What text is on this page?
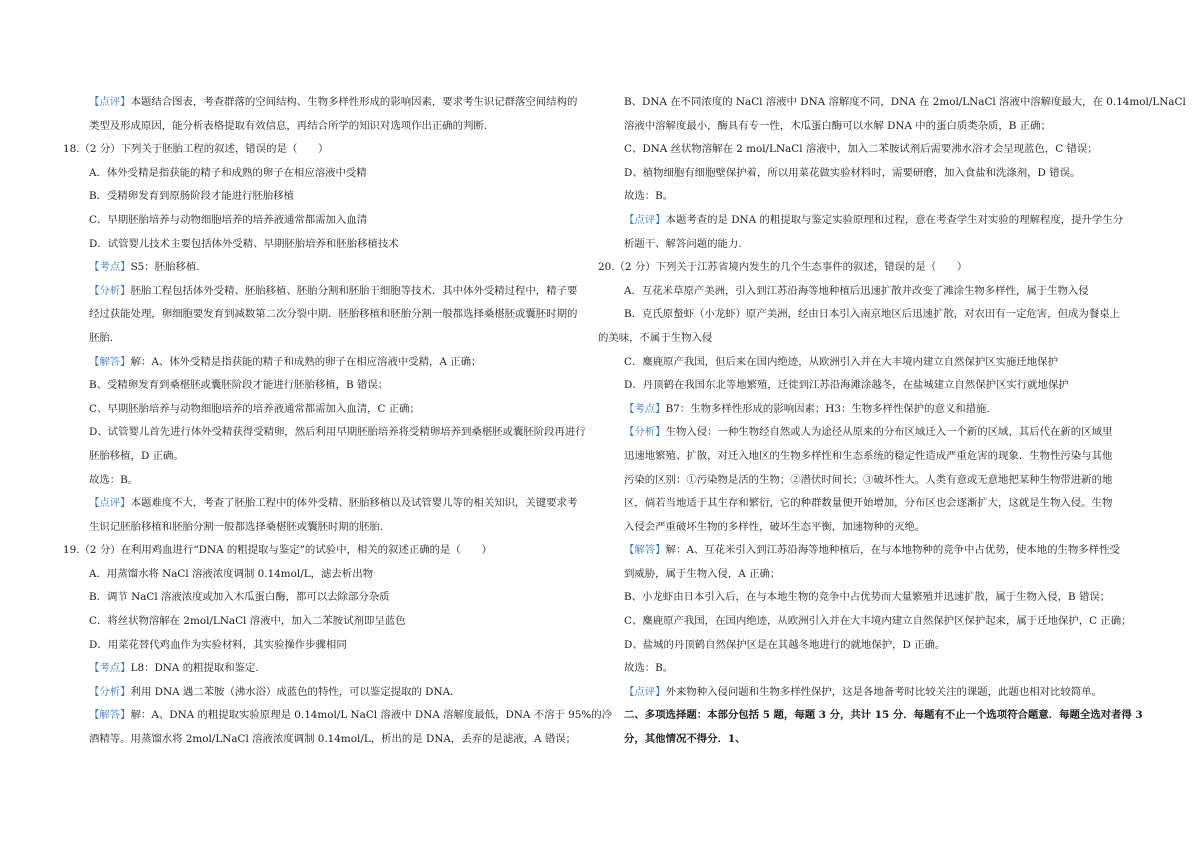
【点评】本题结合图表，考查群落的空间结构、生物多样性形成的影响因素，要求考生识记群落空间结构的
类型及形成原因，能分析表格提取有效信息，再结合所学的知识对选项作出正确的判断.
18.（2 分）下列关于胚胎工程的叙述，错误的是（　　）
A．体外受精是指获能的精子和成熟的卵子在相应溶液中受精
B．受精卵发育到原肠阶段才能进行胚胎移植
C．早期胚胎培养与动物细胞培养的培养液通常都需加入血清
D．试管婴儿技术主要包括体外受精、早期胚胎培养和胚胎移植技术
【考点】S5：胚胎移植.
【分析】胚胎工程包括体外受精、胚胎移植、胚胎分割和胚胎干细胞等技术．其中体外受精过程中，精子要
经过获能处理，卵细胞要发育到减数第二次分裂中期．胚胎移植和胚胎分割一般都选择桑椹胚或囊胚时期的
胚胎.
【解答】解：A、体外受精是指获能的精子和成熟的卵子在相应溶液中受精，A 正确；
B、受精卵发育到桑椹胚或囊胚阶段才能进行胚胎移植，B 错误；
C、早期胚胎培养与动物细胞培养的培养液通常都需加入血清，C 正确；
D、试管婴儿首先进行体外受精获得受精卵，然后利用早期胚胎培养将受精卵培养到桑椹胚或囊胚阶段再进行
胚胎移植，D 正确。
故选：B。
【点评】本题难度不大，考查了胚胎工程中的体外受精、胚胎移植以及试管婴儿等的相关知识，关键要求考
生识记胚胎移植和胚胎分割一般都选择桑椹胚或囊胚时期的胚胎.
19.（2 分）在利用鸡血进行“DNA 的粗提取与鉴定”的试验中，相关的叙述正确的是（　　）
A．用蒸馏水将 NaCl 溶液浓度调制 0.14mol/L，滤去析出物
B．调节 NaCl 溶液浓度或加入木瓜蛋白酶，都可以去除部分杂质
C．将丝状物溶解在 2mol/LNaCl 溶液中，加入二苯胺试剂即呈蓝色
D．用菜花替代鸡血作为实验材料，其实验操作步骤相同
【考点】L8：DNA 的粗提取和鉴定.
【分析】利用 DNA 遇二苯胺（沸水浴）成蓝色的特性，可以鉴定提取的 DNA．
【解答】解：A、DNA 的粗提取实验原理是 0.14mol/L NaCl 溶液中 DNA 溶解度最低，DNA 不溶于 95%的冷
酒精等。用蒸馏水将 2mol/LNaCl 溶液浓度调制 0.14mol/L，析出的是 DNA，丢弃的是滤液，A 错误；
B、DNA 在不同浓度的 NaCl 溶液中 DNA 溶解度不同，DNA 在 2mol/LNaCl 溶液中溶解度最大，在 0.14mol/LNaCl
溶液中溶解度最小，酶具有专一性，木瓜蛋白酶可以水解 DNA 中的蛋白质类杂质，B 正确；
C、DNA 丝状物溶解在 2 mol/LNaCl 溶液中，加入二苯胺试剂后需要沸水浴才会呈现蓝色，C 错误；
D、植物细胞有细胞壁保护着，所以用菜花做实验材料时，需要研磨，加入食盐和洗涤剂，D 错误。
故选：B。
【点评】本题考查的是 DNA 的粗提取与鉴定实验原理和过程，意在考查学生对实验的理解程度，提升学生分
析题干、解答问题的能力.
20.（2 分）下列关于江苏省境内发生的几个生态事件的叙述，错误的是（　　）
A．互花米草原产美洲，引入到江苏沿海等地种植后迅速扩散并改变了滩涂生物多样性，属于生物入侵
B．克氏原螯虾（小龙虾）原产美洲，经由日本引入南京地区后迅速扩散，对农田有一定危害，但成为餐桌上
的美味，不属于生物入侵
C．麋鹿原产我国，但后来在国内绝迹，从欧洲引入并在大丰境内建立自然保护区实施迁地保护
D．丹顶鹤在我国东北等地繁殖，迁徙到江苏沿海滩涂越冬，在盐城建立自然保护区实行就地保护
【考点】B7：生物多样性形成的影响因素；H3：生物多样性保护的意义和措施.
【分析】生物入侵：一种生物经自然或人为途径从原来的分布区域迁入一个新的区域，其后代在新的区域里
迅速地繁殖、扩散，对迁入地区的生物多样性和生态系统的稳定性造成严重危害的现象．生物性污染与其他
污染的区别：①污染物是活的生物；②潜伏时间长；③破坏性大。人类有意或无意地把某种生物带进新的地
区，倘若当地适于其生存和繁衍，它的种群数量便开始增加，分布区也会逐渐扩大，这就是生物入侵。生物
入侵会严重破坏生物的多样性，破坏生态平衡，加速物种的灭绝。
【解答】解：A、互花米引入到江苏沿海等地种植后，在与本地物种的竞争中占优势，使本地的生物多样性受
到威胁，属于生物入侵，A 正确；
B、小龙虾由日本引入后，在与本地生物的竞争中占优势而大量繁殖并迅速扩散，属于生物入侵，B 错误；
C、麋鹿原产我国，在国内绝迹，从欧洲引入并在大丰境内建立自然保护区保护起来，属于迁地保护，C 正确；
D、盐城的丹顶鹤自然保护区是在其越冬地进行的就地保护，D 正确。
故选：B。
【点评】外来物种入侵问题和生物多样性保护，这是各地备考时比较关注的课题，此题也相对比较简单。
二、多项选择题：本部分包括 5 题，每题 3 分，共计 15 分．每题有不止一个选项符合题意．每题全选对者得 3
分，其他情况不得分．1、
